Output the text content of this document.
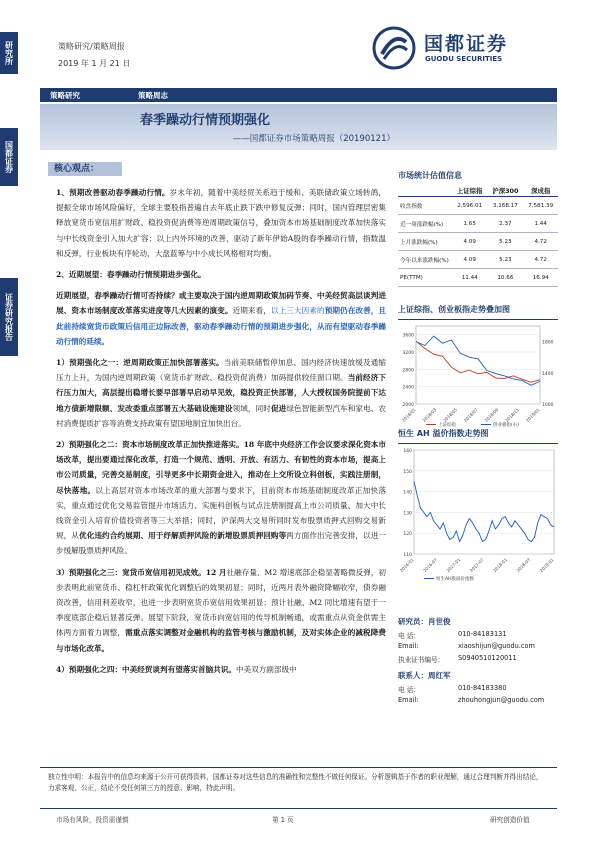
研究所
国都证券
证券研究报告
策略研究/策略周报
2019 年 1 月 21 日
国都证券
GUODU SECURITIES
策略研究	策略周志
春季躁动行情预期强化
——国都证券市场策略周报（20190121）
核心观点：
1、预期改善驱动春季躁动行情。岁末年初，随着中美经贸关系趋于缓和、美联储政策立场转鸽，提振全球市场风险偏好，全球主要股指普遍自去年底止跌下跌中修复反弹；同时，国内管理层密集释放宽货币宽信用扩财政、稳投资促消费等逆周期政策信号，叠加资本市场基础制度改革加快落实与中长线资金引入加大扩容；以上内外环境的改善，驱动了新年伊始A股的春季躁动行情，指数温和反弹，行业板块有序轮动，大盘蓝筹与中小成长风格相对均衡。
2、近期展望：春季躁动行情预期进步强化。
近期展望，春季躁动行情可否持续？或主要取决于国内逆周期政策加码节奏、中美经贸高层谈判进展、资本市场制度改革落实进度等几大因素的演变。近期来看，以上三大因素的预期仍在改善，且此前持续宽货币政策后信用正边际改善，驱动春季躁动行情的预期进步强化，从而有望驱动春季躁动行情的延续。
1）预期强化之一：逆周期政策正加快部署落实。当前美联储暂停加息、国内经济快速放缓及通缩压力上升，为国内逆周期政策（宽货币扩财政、稳投资促消费）加码提供较佳窗口期。当前经济下行压力加大，高层提出稳增长要早部署早启动早见效，稳投资正快部署，人大授权国务院提前下达地方债新增限额、发改委重点部署五大基础设施建设领域，同时促进绿色智能新型汽车和家电、农村消费提质扩容等消费支持政策有望国地制宜加快出台。
2）预期强化之二：资本市场制度改革正加快推进落实。18 年底中央经济工作会议要求深化资本市场改革，提出要通过深化改革，打造一个规范、透明、开放、有活力、有韧性的资本市场，提高上市公司质量，完善交易制度，引导更多中长期资金进入，推动在上交所设立科创板，实践注册制，尽快落地。以上高层对资本市场改革的重大部署与要求下，目前资本市场基础制度改革正加快落实，重点通过优化交易监管提升市场活力、实施科创板与试点注册制提高上市公司质量、加大中长线资金引入培育价值投资者等三大举措；同时，沪深两大交易所同时发布股票质押式回购交易新规，从优化违约合约展期、用于纾解质押风险的新增股票质押回购等两方面作出完善安排，以进一步缓解股票质押风险。
3）预期强化之三：宽货币宽信用初见成效。12 月社融存量、M2 增速底部企稳显著略微反弹，初步表明此前宽货币、稳杠杆政策优化调整后的效果初显；同时，近两月表外融资降幅收窄，债券融资改善，信用利差收窄，也进一步表明宽货币宽信用效果初显；预计社融、M2 同比增速有望于一季度底部企稳后显著反弹。展望下阶段，宽货币向宽信用的传导机制畅通，或需重点从资金供需主体两方面着力调整，需重点落实调整对金融机构的监管考核与激励机制，及对实体企业的减税降费与市场化改革。
4）预期强化之四：中美经贸谈判有望落实首脑共识。中美双方副部级中
市场统计估值信息
	上证综指	沪深300	深成指
收盘指数	2,596.01	3,168.17	7,581.39
近一周涨跌幅(%)	1.65	2.37	1.44
上月涨跌幅(%)	4.09	5.23	4.72
今年以来涨跌幅(%)	4.09	5.23	4.72
PE(TTM)	11.44	10.66	16.94
上证综指、创业板指走势叠加图
2000
2400
2800
3200
3600
1000
1400
1800
2018/01 2018/03 2018/05 2018/07 2018/09 2018/11 2019/01
上证综指	创业板指(右)
恒生 AH 溢价指数走势图
110
120
130
140
150
160
2016-01 2016-07 2017-01 2017-07 2018-01 2018-07 2019-01
恒生AH股溢价指数
研究员：肖世俊
电 话：	010-84183131
Email:	xiaoshijun@guodu.com
执业证书编号：	S0940510120011
联系人：周红军
电 话：	010-84183380
Email:	zhouhongjun@guodu.com
独立性申明：本报告中的信息均来源于公开可获得资料，国都证券对这些信息的准确性和完整性不做任何保证。分析逻辑基于作者的职业理解，通过合理判断并得出结论，力求客观、公正，结论不受任何第三方的授意、影响，特此声明。
市场有风险，投资需谨慎	第 1 页	研究创造价值
